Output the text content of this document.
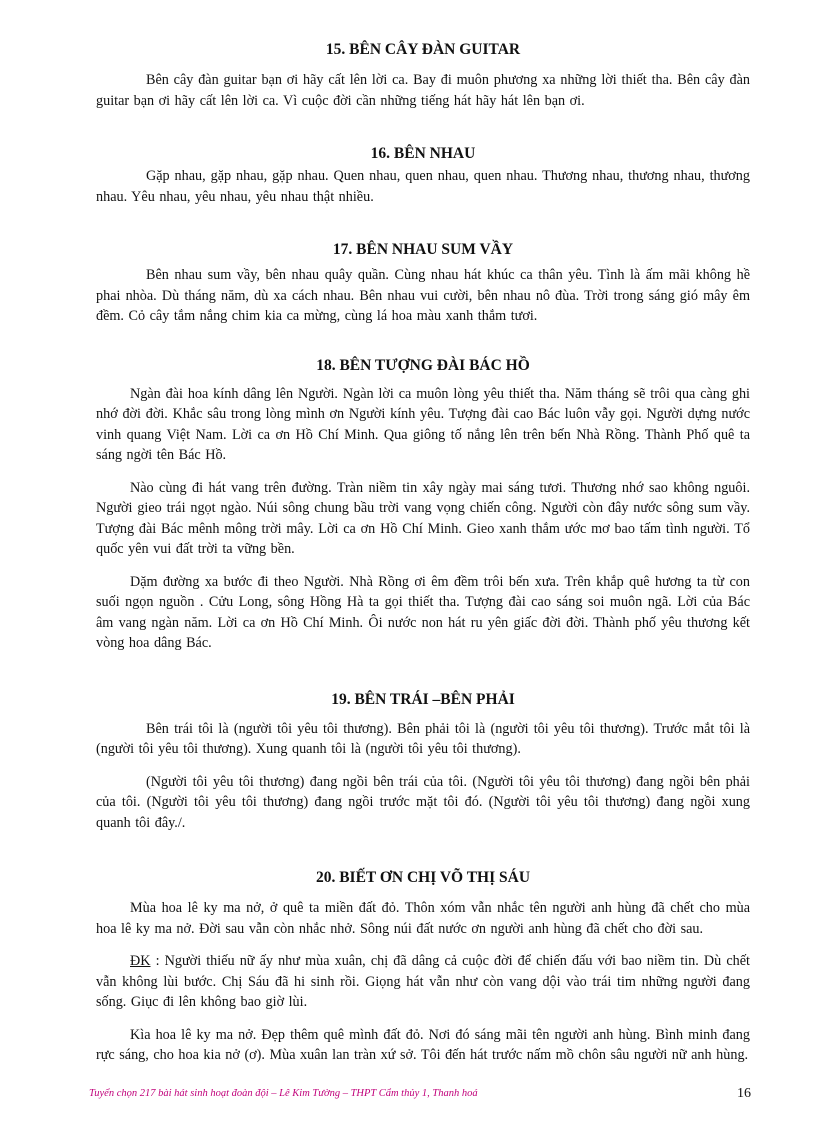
15. BÊN CÂY ĐÀN GUITAR

Bên cây đàn guitar bạn ơi hãy cất lên lời ca. Bay đi muôn phương xa những lời thiết tha. Bên cây đàn guitar bạn ơi hãy cất lên lời ca. Vì cuộc đời cần những tiếng hát hãy hát lên bạn ơi.

16. BÊN NHAU

Gặp nhau, gặp nhau, gặp nhau. Quen nhau, quen nhau, quen nhau. Thương nhau, thương nhau, thương nhau. Yêu nhau, yêu nhau, yêu nhau thật nhiều.

17. BÊN NHAU SUM VẦY

Bên nhau sum vầy, bên nhau quây quần. Cùng nhau hát khúc ca thân yêu. Tình là ấm mãi không hề phai nhòa. Dù tháng năm, dù xa cách nhau. Bên nhau vui cười, bên nhau nô đùa. Trời trong sáng gió mây êm đềm. Cỏ cây tắm nắng chim kia ca mừng, cùng lá hoa màu xanh thắm tươi.

18. BÊN TƯỢNG ĐÀI BÁC HỒ

Ngàn đài hoa kính dâng lên Người. Ngàn lời ca muôn lòng yêu thiết tha. Năm tháng sẽ trôi qua càng ghi nhớ đời đời. Khắc sâu trong lòng mình ơn Người kính yêu. Tượng đài cao Bác luôn vẫy gọi. Người dựng nước vinh quang Việt Nam. Lời ca ơn Hồ Chí Minh. Qua giông tố nắng lên trên bến Nhà Rồng. Thành Phố quê ta sáng ngời tên Bác Hồ.

Nào cùng đi hát vang trên đường. Tràn niềm tin xây ngày mai sáng tươi. Thương nhớ sao không nguôi. Người gieo trái ngọt ngào. Núi sông chung bầu trời vang vọng chiến công. Người còn đây nước sông sum vầy. Tượng đài Bác mênh mông trời mây. Lời ca ơn Hồ Chí Minh. Gieo xanh thắm ước mơ bao tấm tình người. Tổ quốc yên vui đất trời ta vững bền.

Dặm đường xa bước đi theo Người. Nhà Rồng ơi êm đềm trôi bến xưa. Trên khắp quê hương ta từ con suối ngọn nguồn . Cửu Long, sông Hồng Hà ta gọi thiết tha. Tượng đài cao sáng soi muôn ngã. Lời của Bác âm vang ngàn năm. Lời ca ơn Hồ Chí Minh. Ôi nước non hát ru yên giấc đời đời. Thành phố yêu thương kết vòng hoa dâng Bác.

19. BÊN TRÁI –BÊN PHẢI

Bên trái tôi là (người tôi yêu tôi thương). Bên phải tôi là (người tôi yêu tôi thương). Trước mắt tôi là (người tôi yêu tôi thương). Xung quanh tôi là (người tôi yêu tôi thương).

(Người tôi yêu tôi thương) đang ngồi bên trái của tôi. (Người tôi yêu tôi thương) đang ngồi bên phải của tôi. (Người tôi yêu tôi thương) đang ngồi trước mặt tôi đó. (Người tôi yêu tôi thương) đang ngồi xung quanh tôi đây./.

20. BIẾT ƠN CHỊ VÕ THỊ SÁU

Mùa hoa lê ky ma nở, ở quê ta miền đất đỏ. Thôn xóm vẫn nhắc tên người anh hùng đã chết cho mùa hoa lê ky ma nở. Đời sau vẫn còn nhắc nhở. Sông núi đất nước ơn người anh hùng đã chết cho đời sau.

ĐK : Người thiếu nữ ấy như mùa xuân, chị đã dâng cả cuộc đời để chiến đấu với bao niềm tin. Dù chết vẫn không lùi bước. Chị Sáu đã hi sinh rồi. Giọng hát vẫn như còn vang dội vào trái tim những người đang sống. Giục đi lên không bao giờ lùi.

Kìa hoa lê ky ma nở. Đẹp thêm quê mình đất đỏ. Nơi đó sáng mãi tên người anh hùng. Bình minh đang rực sáng, cho hoa kia nở (ơ). Mùa xuân lan tràn xứ sở. Tôi đến hát trước nấm mồ chôn sâu người nữ anh hùng.

Tuyển chọn 217 bài hát sinh hoạt đoàn đội – Lê Kim Tường – THPT Cẩm thủy 1, Thanh hoá	16
